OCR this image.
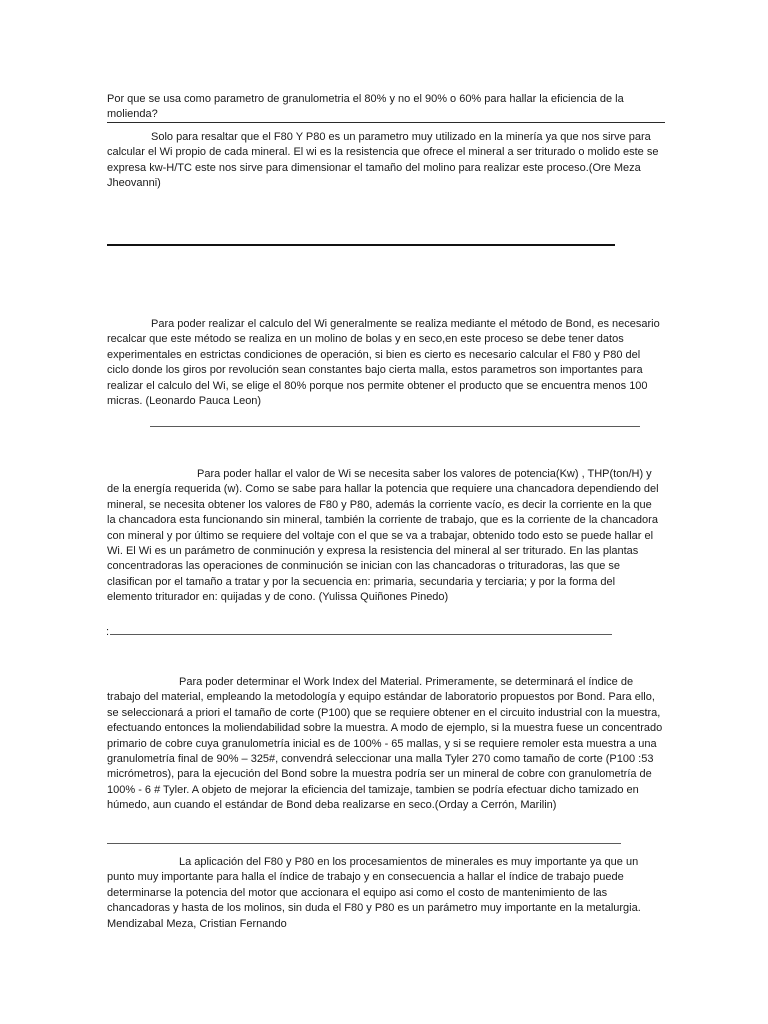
Por que se usa como parametro de granulometria el 80% y no el 90% o 60% para hallar la eficiencia de la molienda?

Solo para resaltar que el F80 Y P80 es un parametro muy utilizado en la minería ya que nos sirve para calcular el Wi propio de cada mineral. El wi es la resistencia que ofrece el mineral a ser triturado o molido este se expresa kw-H/TC este nos sirve para dimensionar el tamaño del molino para realizar este proceso.(Ore Meza Jheovanni)

Para poder realizar el calculo del Wi generalmente se realiza mediante el método de Bond, es necesario recalcar que este método se realiza en un molino de bolas y en seco,en este proceso se debe tener datos experimentales en estrictas condiciones de operación, si bien es cierto es necesario calcular el F80 y P80 del ciclo donde los giros por revolución sean constantes bajo cierta malla, estos parametros son importantes para realizar el calculo del Wi, se elige el 80% porque nos permite obtener el producto que se encuentra menos 100 micras. (Leonardo Pauca Leon)

Para poder hallar el valor de Wi se necesita saber los valores de potencia(Kw) , THP(ton/H) y de la energía requerida (w). Como se sabe para hallar la potencia que requiere una chancadora dependiendo del mineral, se necesita obtener los valores de F80 y P80, además la corriente vacío, es decir la corriente en la que la chancadora esta funcionando sin mineral, también la corriente de trabajo, que es la corriente de la chancadora con mineral y por último se requiere del voltaje con el que se va a trabajar, obtenido todo esto se puede hallar el Wi. El Wi es un parámetro de conminución y expresa la resistencia del mineral al ser triturado. En las plantas concentradoras las operaciones de conminución se inician con las chancadoras o trituradoras, las que se clasifican por el tamaño a tratar y por la secuencia en: primaria, secundaria y terciaria; y por la forma del elemento triturador en: quijadas y de cono. (Yulissa Quiñones Pinedo)

:

Para poder determinar el Work Index del Material. Primeramente, se determinará el índice de trabajo del material, empleando la metodología y equipo estándar de laboratorio propuestos por Bond. Para ello, se seleccionará a priori el tamaño de corte (P100) que se requiere obtener en el circuito industrial con la muestra, efectuando entonces la moliendabilidad sobre la muestra. A modo de ejemplo, si la muestra fuese un concentrado primario de cobre cuya granulometría inicial es de 100% - 65 mallas, y si se requiere remoler esta muestra a una granulometría final de 90% – 325#, convendrá seleccionar una malla Tyler 270 como tamaño de corte (P100 :53 micrómetros), para la ejecución del Bond sobre la muestra podría ser un mineral de cobre con granulometría de 100% - 6 # Tyler. A objeto de mejorar la eficiencia del tamizaje, tambien se podría efectuar dicho tamizado en húmedo, aun cuando el estándar de Bond deba realizarse en seco.(Orday a Cerrón, Marilin)

La aplicación del F80 y P80 en los procesamientos de minerales es muy importante ya que un punto muy importante para halla el índice de trabajo y en consecuencia a hallar el índice de trabajo puede determinarse la potencia del motor que accionara el equipo asi como el costo de mantenimiento de las chancadoras y hasta de los molinos, sin duda el F80 y P80 es un parámetro muy importante en la metalurgia. Mendizabal Meza, Cristian Fernando
